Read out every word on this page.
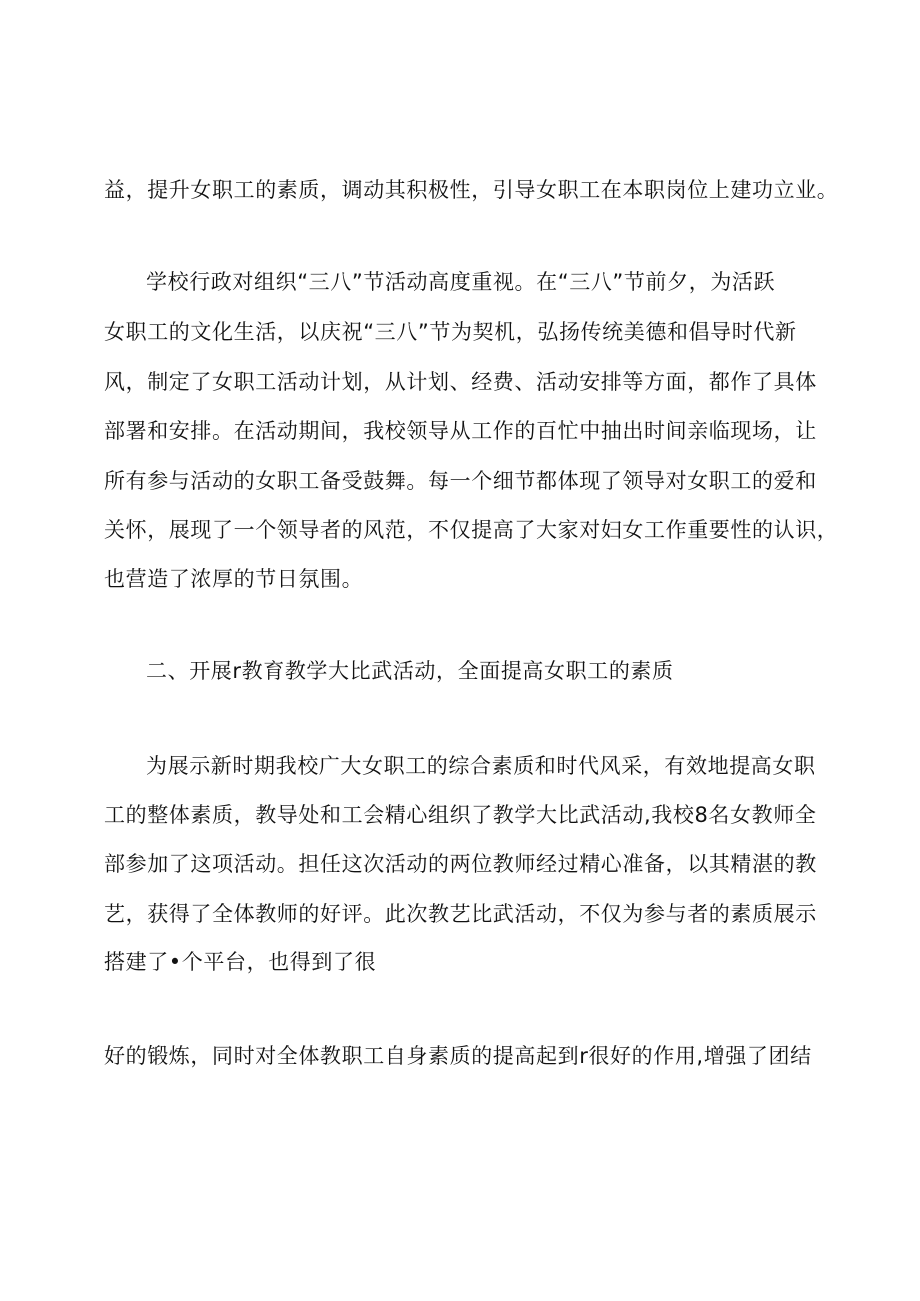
益，提升女职工的素质，调动其积极性，引导女职工在本职岗位上建功立业。

学校行政对组织“三八”节活动高度重视。在“三八”节前夕，为活跃

女职工的文化生活，以庆祝“三八”节为契机，弘扬传统美德和倡导时代新

风，制定了女职工活动计划，从计划、经费、活动安排等方面，都作了具体

部署和安排。在活动期间，我校领导从工作的百忙中抽出时间亲临现场，让

所有参与活动的女职工备受鼓舞。每一个细节都体现了领导对女职工的爱和

关怀，展现了一个领导者的风范，不仅提高了大家对妇女工作重要性的认识，

也营造了浓厚的节日氛围。

二、开展r教育教学大比武活动，全面提高女职工的素质

为展示新时期我校广大女职工的综合素质和时代风采，有效地提高女职

工的整体素质，教导处和工会精心组织了教学大比武活动,我校8名女教师全

部参加了这项活动。担任这次活动的两位教师经过精心准备，以其精湛的教

艺，获得了全体教师的好评。此次教艺比武活动，不仅为参与者的素质展示

搭建了•个平台，也得到了很

好的锻炼，同时对全体教职工自身素质的提高起到r很好的作用,增强了团结
